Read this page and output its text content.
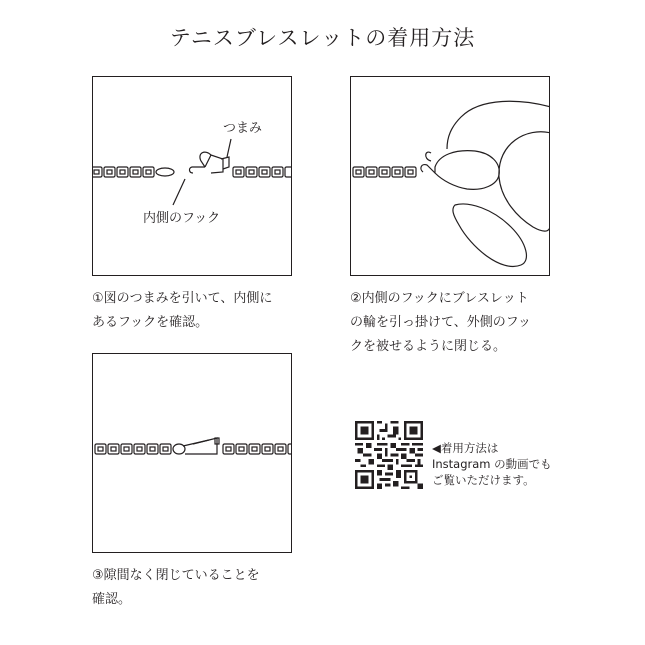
テニスブレスレットの着用方法
つまみ
内側のフック
①図のつまみを引いて、内側に
あるフックを確認。
②内側のフックにブレスレット
の輪を引っ掛けて、外側のフッ
クを被せるように閉じる。
③隙間なく閉じていることを
確認。
◀着用方法は
Instagram の動画でも
ご覧いただけます。
